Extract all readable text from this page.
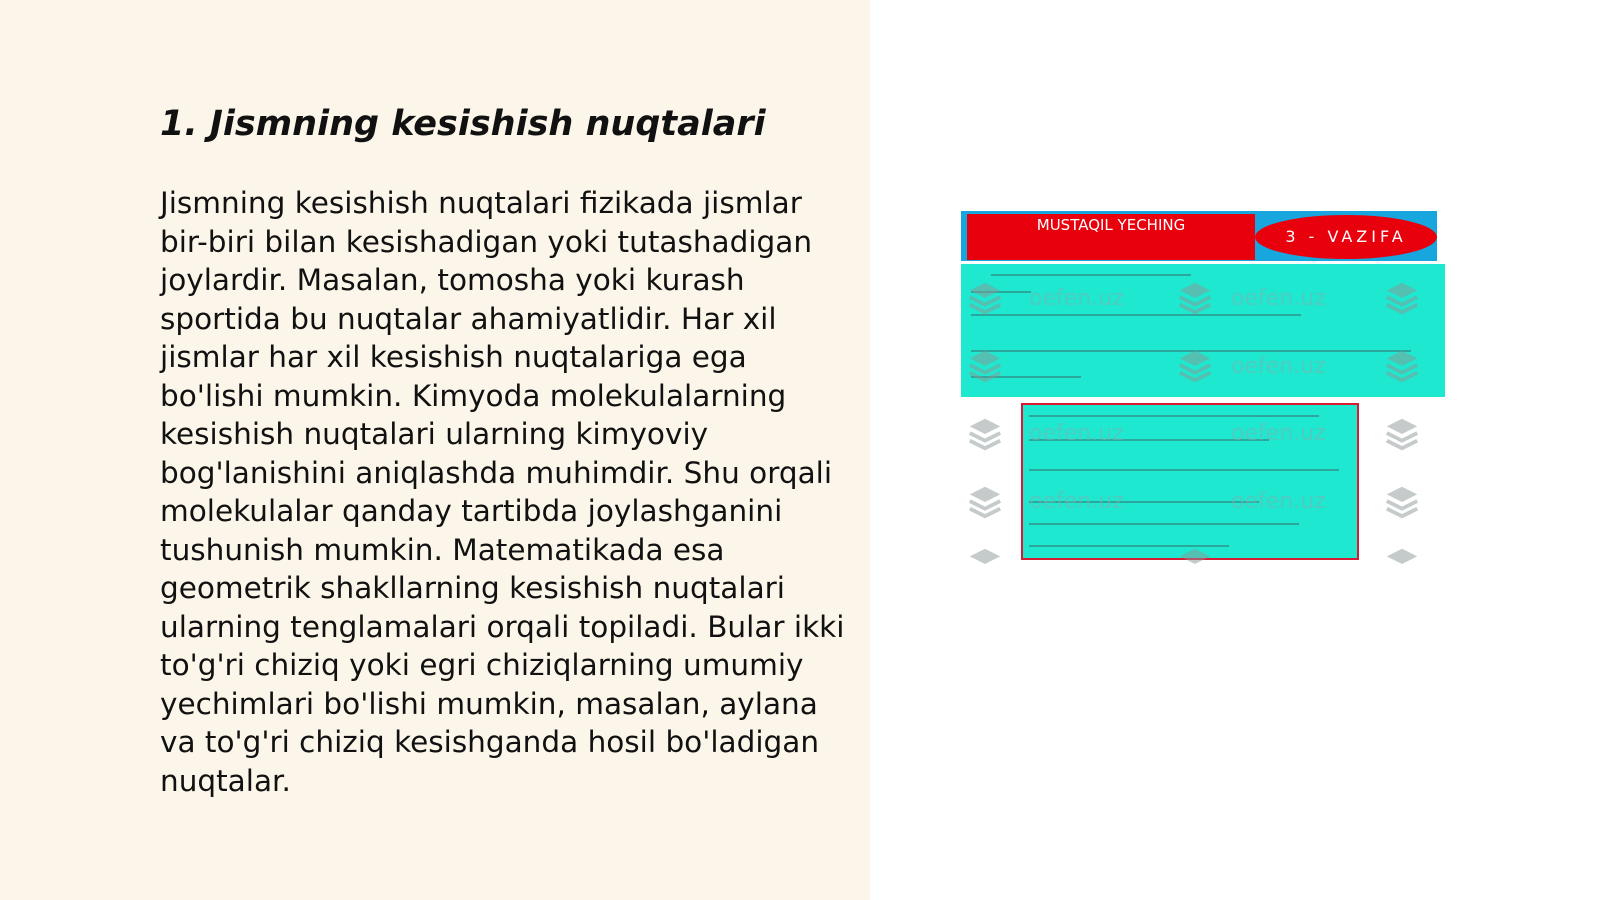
1. Jismning kesishish nuqtalari

Jismning kesishish nuqtalari fizikada jismlar bir-biri bilan kesishadigan yoki tutashadigan joylardir. Masalan, tomosha yoki kurash sportida bu nuqtalar ahamiyatlidir. Har xil jismlar har xil kesishish nuqtalariga ega bo'lishi mumkin. Kimyoda molekulalarning kesishish nuqtalari ularning kimyoviy bog'lanishini aniqlashda muhimdir. Shu orqali molekulalar qanday tartibda joylashganini tushunish mumkin. Matematikada esa geometrik shakllarning kesishish nuqtalari ularning tenglamalari orqali topiladi. Bular ikki to'g'ri chiziq yoki egri chiziqlarning umumiy yechimlari bo'lishi mumkin, masalan, aylana va to'g'ri chiziq kesishganda hosil bo'ladigan nuqtalar.

MUSTAQIL YECHING
3 - VAZIFA
oefen.uz	oefen.uz
oefen.uz
oefen.uz	oefen.uz
oefen.uz	oefen.uz
